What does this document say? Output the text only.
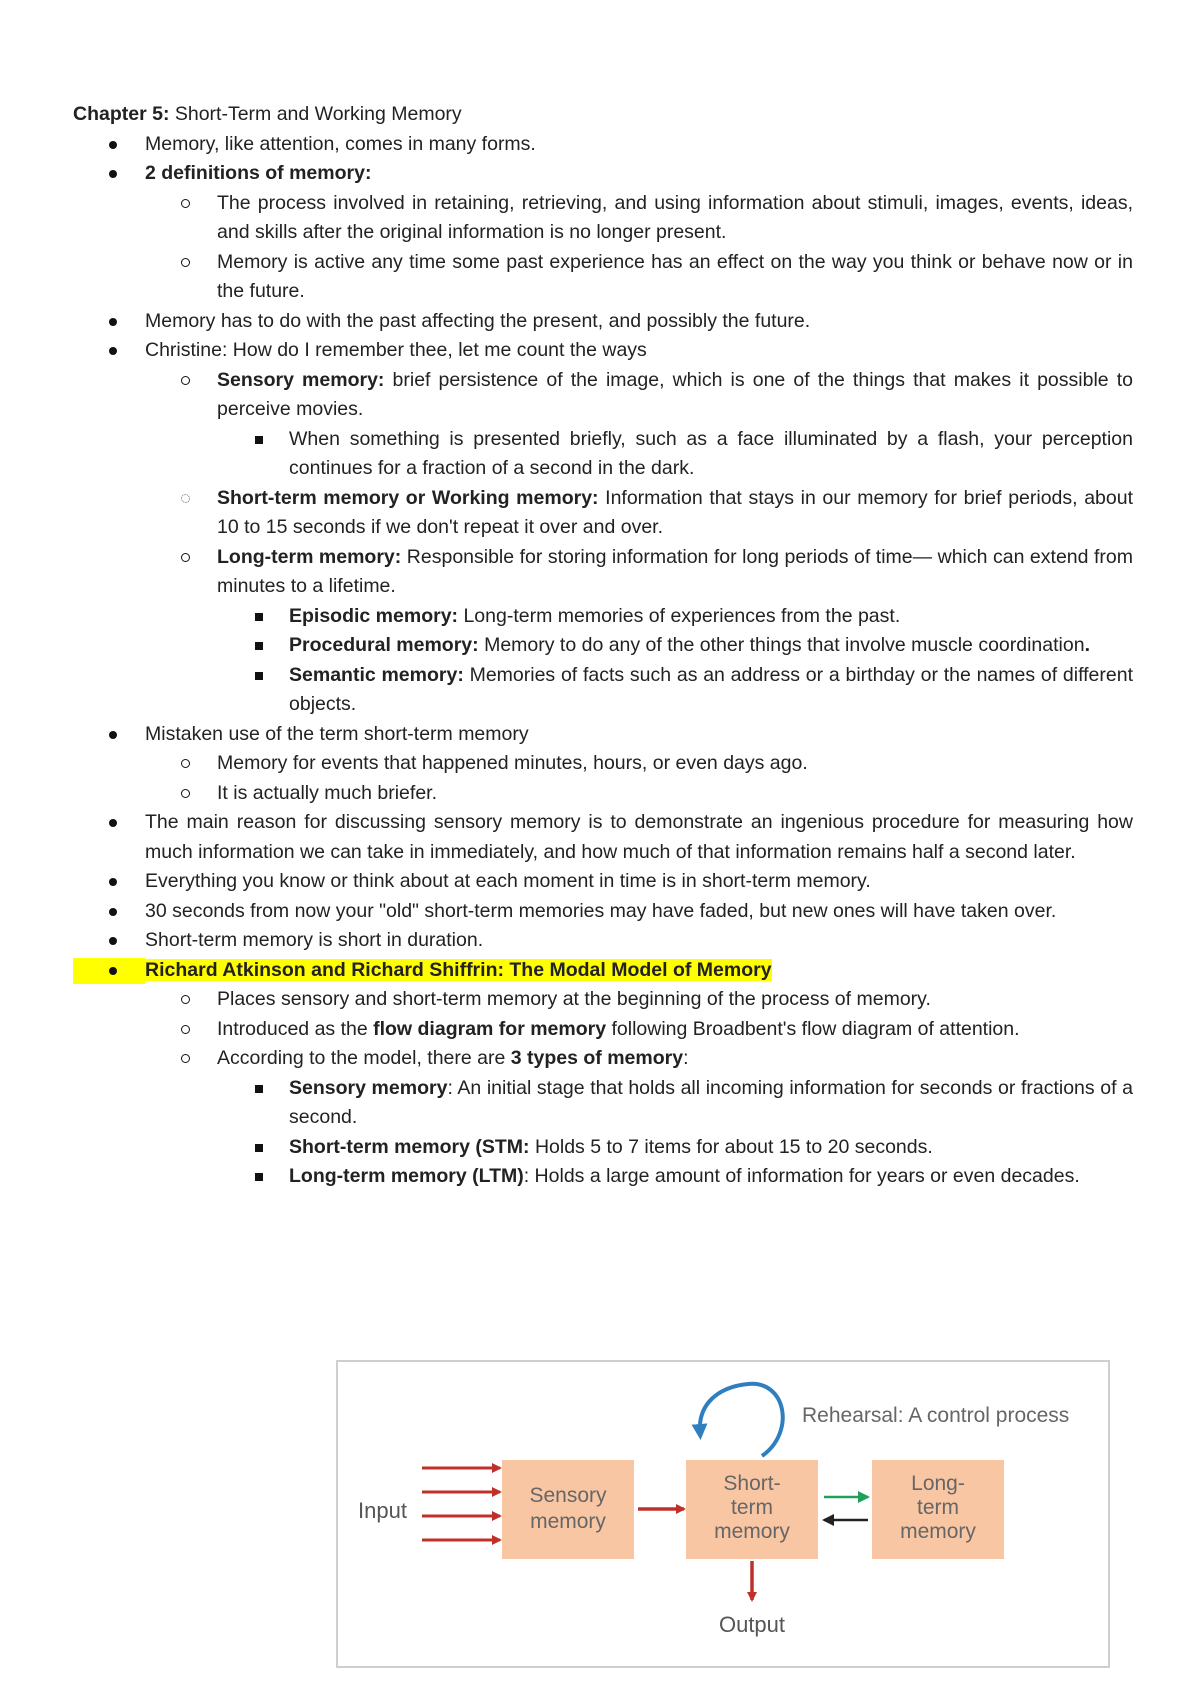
Chapter 5: Short-Term and Working Memory

Memory, like attention, comes in many forms.
2 definitions of memory:
The process involved in retaining, retrieving, and using information about stimuli, images, events, ideas, and skills after the original information is no longer present.
Memory is active any time some past experience has an effect on the way you think or behave now or in the future.
Memory has to do with the past affecting the present, and possibly the future.
Christine: How do I remember thee, let me count the ways
Sensory memory: brief persistence of the image, which is one of the things that makes it possible to perceive movies.
When something is presented briefly, such as a face illuminated by a flash, your perception continues for a fraction of a second in the dark.
Short-term memory or Working memory: Information that stays in our memory for brief periods, about 10 to 15 seconds if we don't repeat it over and over.
Long-term memory: Responsible for storing information for long periods of time— which can extend from minutes to a lifetime.
Episodic memory: Long-term memories of experiences from the past.
Procedural memory: Memory to do any of the other things that involve muscle coordination.
Semantic memory: Memories of facts such as an address or a birthday or the names of different objects.
Mistaken use of the term short-term memory
Memory for events that happened minutes, hours, or even days ago.
It is actually much briefer.
The main reason for discussing sensory memory is to demonstrate an ingenious procedure for measuring how much information we can take in immediately, and how much of that information remains half a second later.
Everything you know or think about at each moment in time is in short-term memory.
30 seconds from now your "old" short-term memories may have faded, but new ones will have taken over.
Short-term memory is short in duration.
Richard Atkinson and Richard Shiffrin: The Modal Model of Memory
Places sensory and short-term memory at the beginning of the process of memory.
Introduced as the flow diagram for memory following Broadbent's flow diagram of attention.
According to the model, there are 3 types of memory:
Sensory memory: An initial stage that holds all incoming information for seconds or fractions of a second.
Short-term memory (STM: Holds 5 to 7 items for about 15 to 20 seconds.
Long-term memory (LTM): Holds a large amount of information for years or even decades.
Input
Sensory
memory
Short-
term
memory
Long-
term
memory
Output
Rehearsal: A control process
